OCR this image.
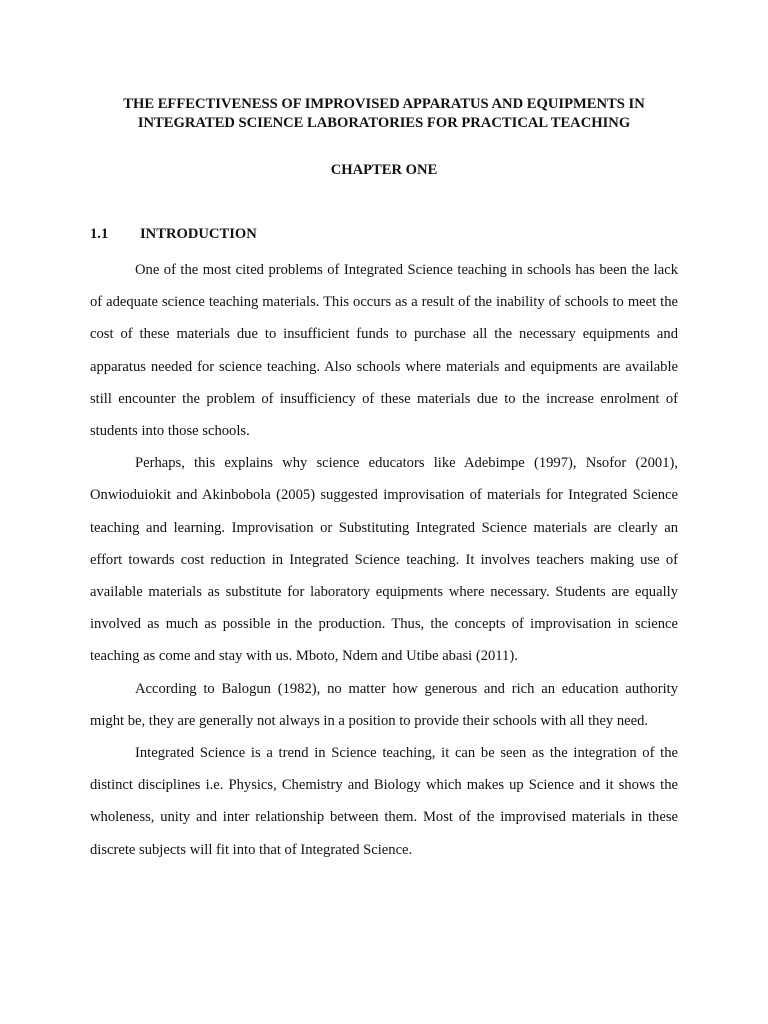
THE EFFECTIVENESS OF IMPROVISED APPARATUS AND EQUIPMENTS IN
INTEGRATED SCIENCE LABORATORIES FOR PRACTICAL TEACHING
CHAPTER ONE
1.1 INTRODUCTION

One of the most cited problems of Integrated Science teaching in schools has been the lack of adequate science teaching materials. This occurs as a result of the inability of schools to meet the cost of these materials due to insufficient funds to purchase all the necessary equipments and apparatus needed for science teaching. Also schools where materials and equipments are available still encounter the problem of insufficiency of these materials due to the increase enrolment of students into those schools.

Perhaps, this explains why science educators like Adebimpe (1997), Nsofor (2001), Onwioduiokit and Akinbobola (2005) suggested improvisation of materials for Integrated Science teaching and learning. Improvisation or Substituting Integrated Science materials are clearly an effort towards cost reduction in Integrated Science teaching. It involves teachers making use of available materials as substitute for laboratory equipments where necessary. Students are equally involved as much as possible in the production. Thus, the concepts of improvisation in science teaching as come and stay with us. Mboto, Ndem and Utibe abasi (2011).

According to Balogun (1982), no matter how generous and rich an education authority might be, they are generally not always in a position to provide their schools with all they need.

Integrated Science is a trend in Science teaching, it can be seen as the integration of the distinct disciplines i.e. Physics, Chemistry and Biology which makes up Science and it shows the wholeness, unity and inter relationship between them. Most of the improvised materials in these discrete subjects will fit into that of Integrated Science.
